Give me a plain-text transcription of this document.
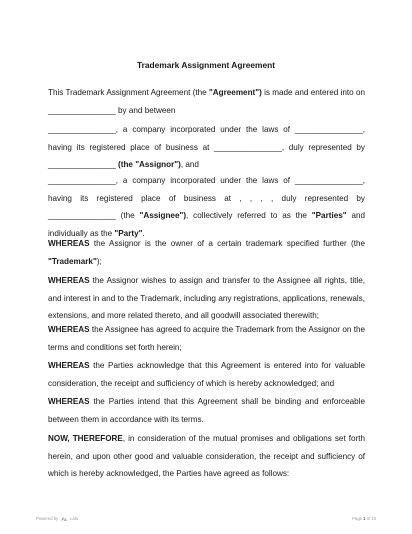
Trademark Assignment Agreement
This Trademark Assignment Agreement (the "Agreement") is made and entered into on
_______________ by and between
_______________, a company incorporated under the laws of _______________,
having its registered place of business at _______________, duly represented by
_______________ (the "Assignor"), and
_______________, a company incorporated under the laws of _______________,
having its registered place of business at , , , , duly represented by
_______________ (the "Assignee"), collectively referred to as the "Parties" and
individually as the "Party".
WHEREAS the Assignor is the owner of a certain trademark specified further (the
"Trademark");
WHEREAS the Assignor wishes to assign and transfer to the Assignee all rights, title,
and interest in and to the Trademark, including any registrations, applications, renewals,
extensions, and more related thereto, and all goodwill associated therewith;
WHEREAS the Assignee has agreed to acquire the Trademark from the Assignor on the
terms and conditions set forth herein;
WHEREAS the Parties acknowledge that this Agreement is entered into for valuable
consideration, the receipt and sufficiency of which is hereby acknowledged; and
WHEREAS the Parties intend that this Agreement shall be binding and enforceable
between them in accordance with its terms.
NOW, THEREFORE, in consideration of the mutual promises and obligations set forth
herein, and upon other good and valuable consideration, the receipt and sufficiency of
which is hereby acknowledged, the Parties have agreed as follows:
Powered by	Lalo	Page 1 of 10
